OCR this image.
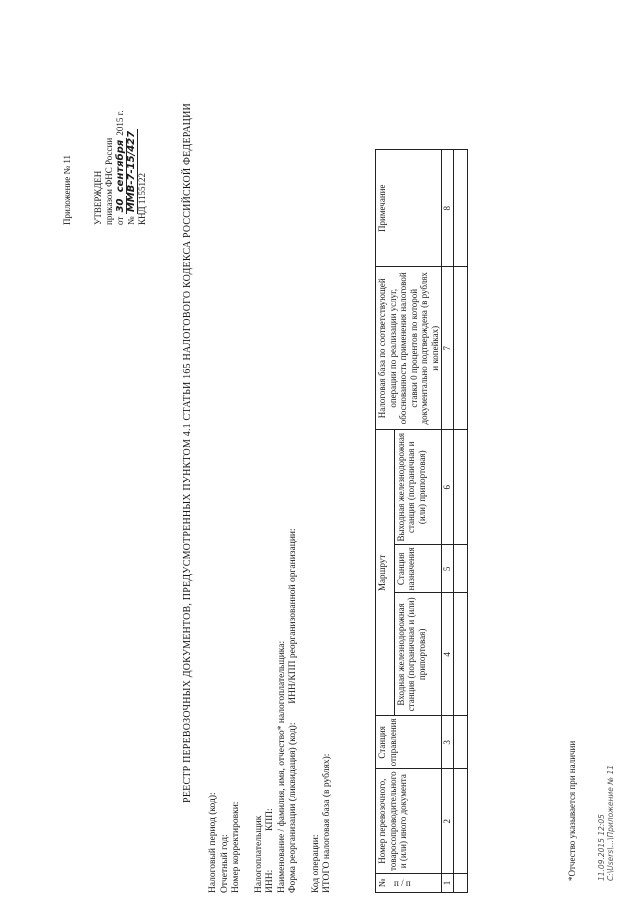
Приложение № 11 УТВЕРЖДЕН приказом ФНС России от 30 сентября 2015 г.
№ ММВ-7-15/427 КНД 1155122	РЕЕСТР ПЕРЕВОЗОЧНЫХ ДОКУМЕНТОВ, ПРЕДУСМОТРЕННЫХ ПУНКТОМ 4.1 СТАТЬИ 165 НАЛОГОВОГО КОДЕКСА РОССИЙСКОЙ ФЕДЕРАЦИИ
Налоговый период (код): Отчетный год: Номер корректировки: Налогоплательщик ИНН:  КПП: Наименование / фамилия, имя, отчество* налогоплательщика: Форма реорганизации (ликвидация) (код):  ИНН/КПП реорганизованной организации:
Код операции: ИТОГО налоговая база (в рублях):	№ п / п	Номер перевозочного, товаросопроводительного и (или) иного документа	Станция отправления	Маршрут			Налоговая база по соответствующей операции по реализации услуг, обоснованность применения налоговой ставки 0 процентов по которой документально подтверждена (в рублях и копейках)	Примечание
			Входная железнодорожная станция (пограничная и (или) припортовая)	Станция назначения	Выходная железнодорожная станция (пограничная и (или) припортовая)		
1	2	3	4	5	6	7	8

*Отчество указывается при наличии	11.09.2015 12:05 C:\Users\...\Приложение № 11
